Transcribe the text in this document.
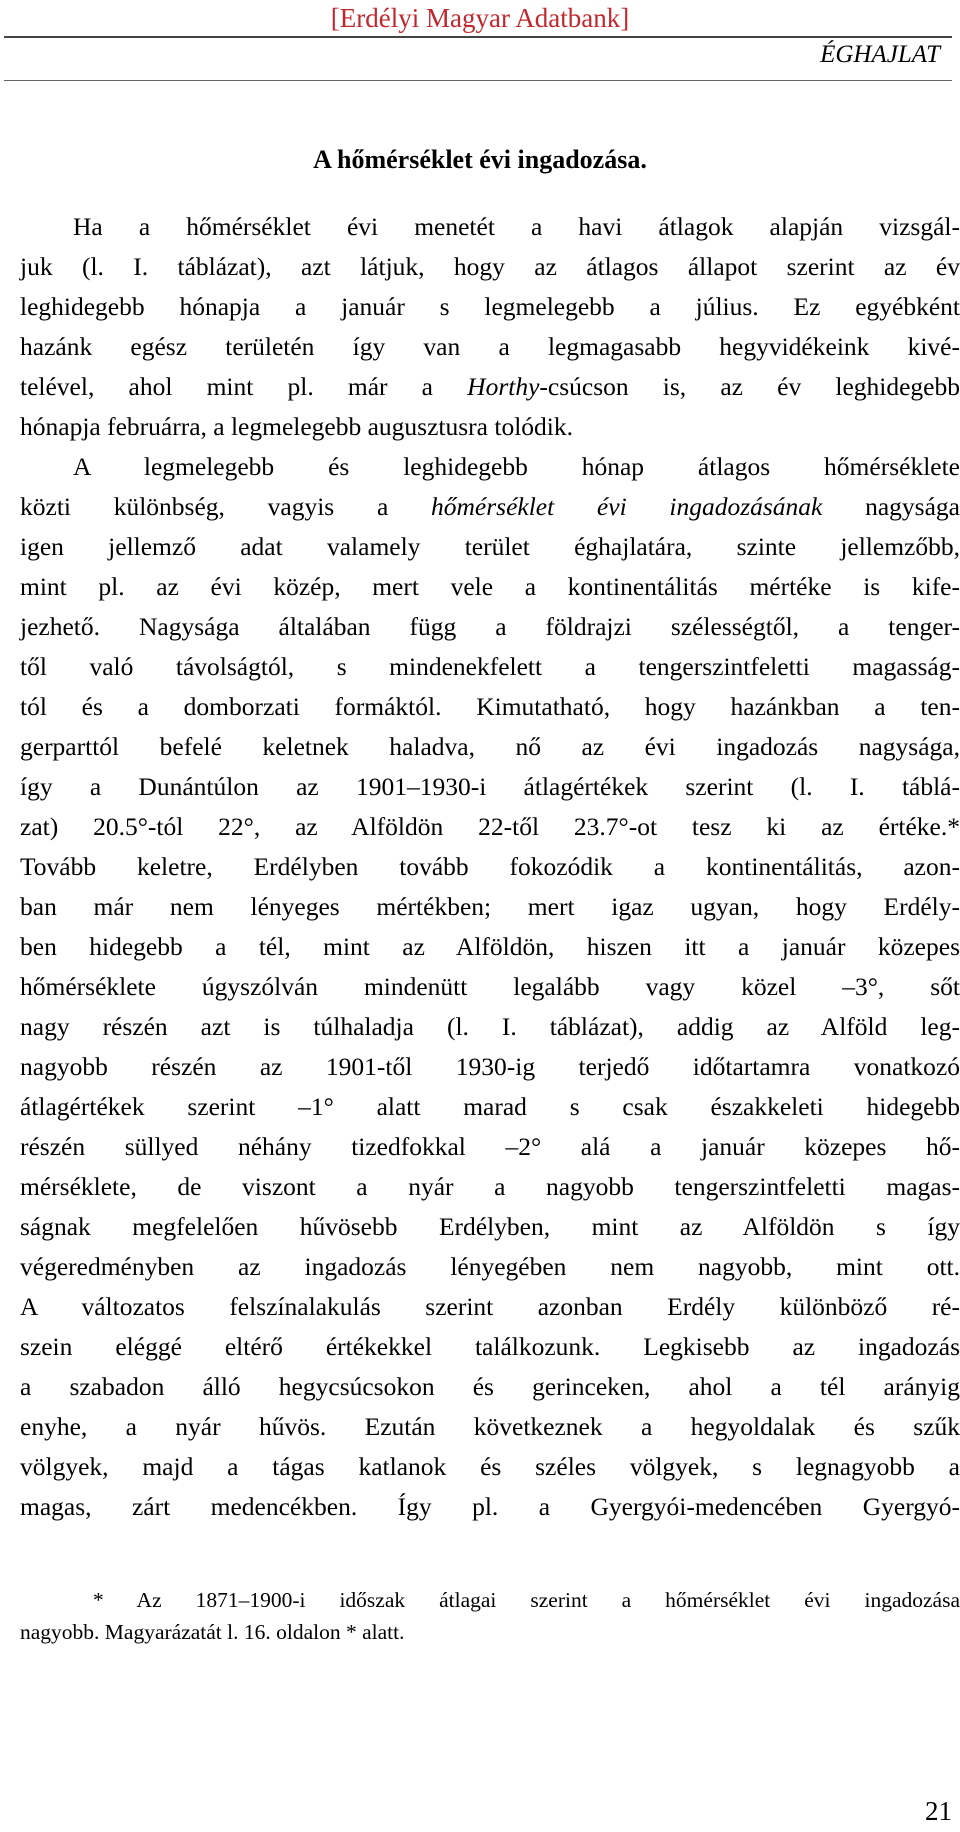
[Erdélyi Magyar Adatbank]
ÉGHAJLAT
A hőmérséklet évi ingadozása.
Ha a hőmérséklet évi menetét a havi átlagok alapján vizsgál-
juk (l. I. táblázat), azt látjuk, hogy az átlagos állapot szerint az év
leghidegebb hónapja a január s legmelegebb a július. Ez egyébként
hazánk egész területén így van a legmagasabb hegyvidékeink kivé-
telével, ahol mint pl. már a Horthy-csúcson is, az év leghidegebb
hónapja februárra, a legmelegebb augusztusra tolódik.
A legmelegebb és leghidegebb hónap átlagos hőmérséklete
közti különbség, vagyis a hőmérséklet évi ingadozásának nagysága
igen jellemző adat valamely terület éghajlatára, szinte jellemzőbb,
mint pl. az évi közép, mert vele a kontinentálitás mértéke is kife-
jezhető. Nagysága általában függ a földrajzi szélességtől, a tenger-
től való távolságtól, s mindenekfelett a tengerszintfeletti magasság-
tól és a domborzati formáktól. Kimutatható, hogy hazánkban a ten-
gerparttól befelé keletnek haladva, nő az évi ingadozás nagysága,
így a Dunántúlon az 1901–1930-i átlagértékek szerint (l. I. táblá-
zat) 20.5°-tól 22°, az Alföldön 22-től 23.7°-ot tesz ki az értéke.*
Tovább keletre, Erdélyben tovább fokozódik a kontinentálitás, azon-
ban már nem lényeges mértékben; mert igaz ugyan, hogy Erdély-
ben hidegebb a tél, mint az Alföldön, hiszen itt a január közepes
hőmérséklete úgyszólván mindenütt legalább vagy közel –3°, sőt
nagy részén azt is túlhaladja (l. I. táblázat), addig az Alföld leg-
nagyobb részén az 1901-től 1930-ig terjedő időtartamra vonatkozó
átlagértékek szerint –1° alatt marad s csak északkeleti hidegebb
részén süllyed néhány tizedfokkal –2° alá a január közepes hő-
mérséklete, de viszont a nyár a nagyobb tengerszintfeletti magas-
ságnak megfelelően hűvösebb Erdélyben, mint az Alföldön s így
végeredményben az ingadozás lényegében nem nagyobb, mint ott.
A változatos felszínalakulás szerint azonban Erdély különböző ré-
szein eléggé eltérő értékekkel találkozunk. Legkisebb az ingadozás
a szabadon álló hegycsúcsokon és gerinceken, ahol a tél arányig
enyhe, a nyár hűvös. Ezután következnek a hegyoldalak és szűk
völgyek, majd a tágas katlanok és széles völgyek, s legnagyobb a
magas, zárt medencékben. Így pl. a Gyergyói-medencében Gyergyó-
* Az 1871–1900-i időszak átlagai szerint a hőmérséklet évi ingadozása
nagyobb. Magyarázatát l. 16. oldalon * alatt.
21
